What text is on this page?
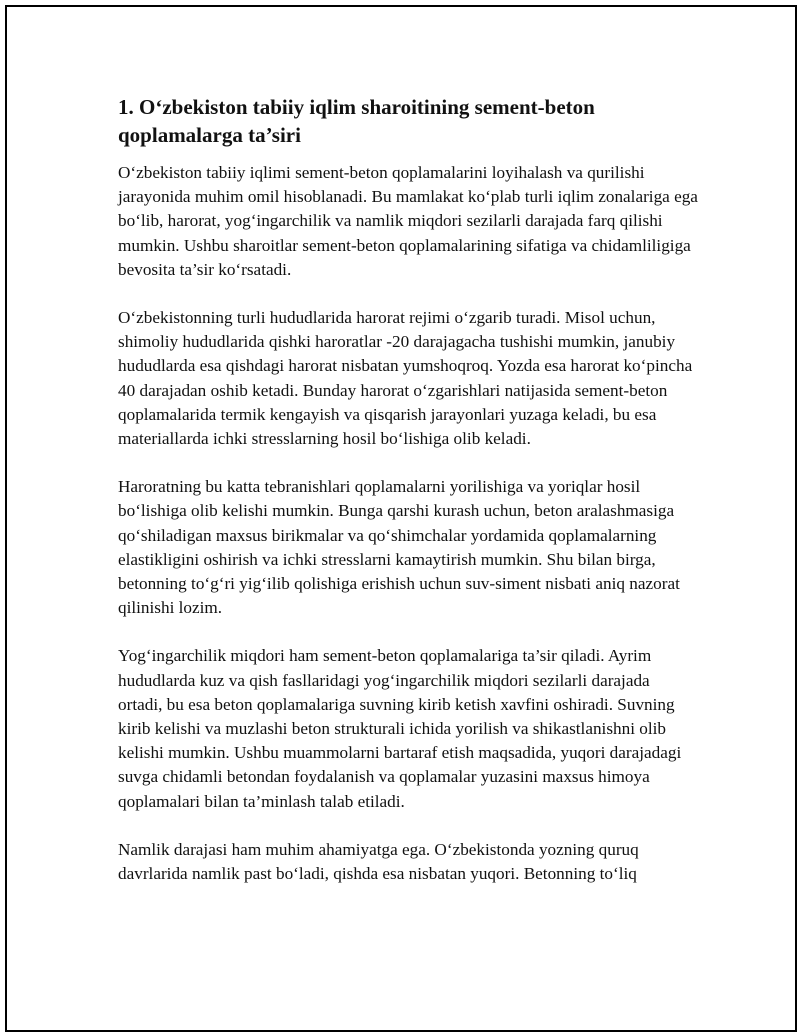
1. O‘zbekiston tabiiy iqlim sharoitining sement-beton qoplamalarga ta’siri

O‘zbekiston tabiiy iqlimi sement-beton qoplamalarini loyihalash va qurilishi jarayonida muhim omil hisoblanadi. Bu mamlakat ko‘plab turli iqlim zonalariga ega bo‘lib, harorat, yog‘ingarchilik va namlik miqdori sezilarli darajada farq qilishi mumkin. Ushbu sharoitlar sement-beton qoplamalarining sifatiga va chidamliligiga bevosita ta’sir ko‘rsatadi.

O‘zbekistonning turli hududlarida harorat rejimi o‘zgarib turadi. Misol uchun, shimoliy hududlarida qishki haroratlar -20 darajagacha tushishi mumkin, janubiy hududlarda esa qishdagi harorat nisbatan yumshoqroq. Yozda esa harorat ko‘pincha 40 darajadan oshib ketadi. Bunday harorat o‘zgarishlari natijasida sement-beton qoplamalarida termik kengayish va qisqarish jarayonlari yuzaga keladi, bu esa materiallarda ichki stresslarning hosil bo‘lishiga olib keladi.

Haroratning bu katta tebranishlari qoplamalarni yorilishiga va yoriqlar hosil bo‘lishiga olib kelishi mumkin. Bunga qarshi kurash uchun, beton aralashmasiga qo‘shiladigan maxsus birikmalar va qo‘shimchalar yordamida qoplamalarning elastikligini oshirish va ichki stresslarni kamaytirish mumkin. Shu bilan birga, betonning to‘g‘ri yig‘ilib qolishiga erishish uchun suv-siment nisbati aniq nazorat qilinishi lozim.

Yog‘ingarchilik miqdori ham sement-beton qoplamalariga ta’sir qiladi. Ayrim hududlarda kuz va qish fasllaridagi yog‘ingarchilik miqdori sezilarli darajada ortadi, bu esa beton qoplamalariga suvning kirib ketish xavfini oshiradi. Suvning kirib kelishi va muzlashi beton strukturali ichida yorilish va shikastlanishni olib kelishi mumkin. Ushbu muammolarni bartaraf etish maqsadida, yuqori darajadagi suvga chidamli betondan foydalanish va qoplamalar yuzasini maxsus himoya qoplamalari bilan ta’minlash talab etiladi.

Namlik darajasi ham muhim ahamiyatga ega. O‘zbekistonda yozning quruq davrlarida namlik past bo‘ladi, qishda esa nisbatan yuqori. Betonning to‘liq
